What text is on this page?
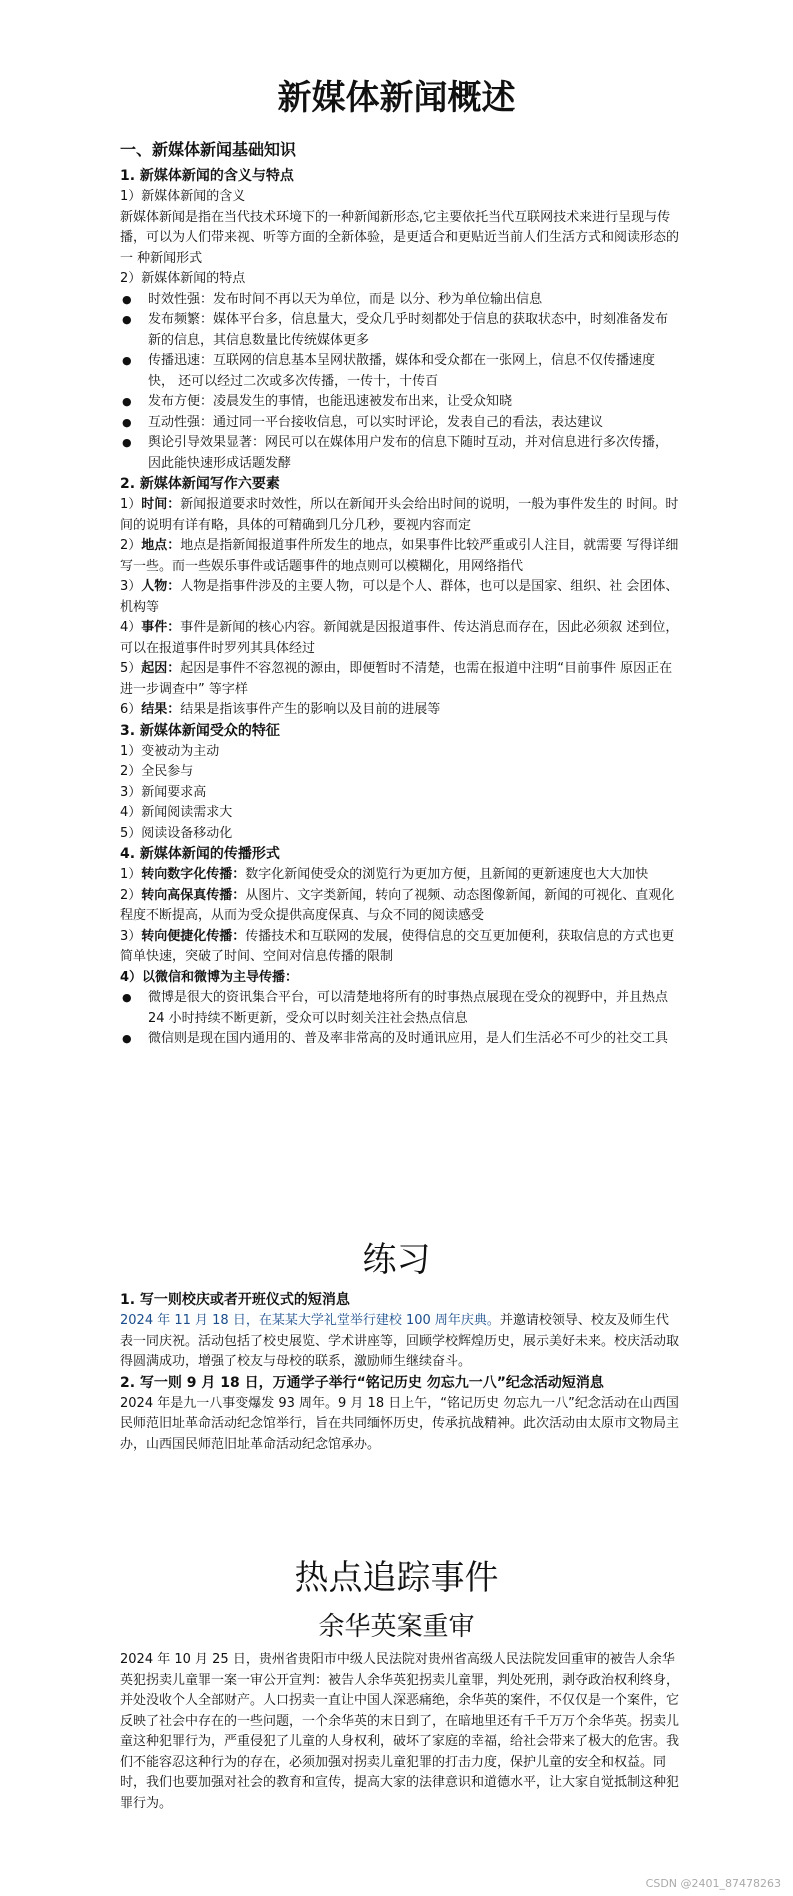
新媒体新闻概述
一、新媒体新闻基础知识
1. 新媒体新闻的含义与特点

1）新媒体新闻的含义

新媒体新闻是指在当代技术环境下的一种新闻新形态,它主要依托当代互联网技术来进行呈现与传播，可以为人们带来视、听等方面的全新体验，是更适合和更贴近当前人们生活方式和阅读形态的一 种新闻形式

2）新媒体新闻的特点

● 时效性强：发布时间不再以天为单位，而是 以分、秒为单位输出信息
● 发布频繁：媒体平台多，信息量大，受众几乎时刻都处于信息的获取状态中，时刻准备发布新的信息，其信息数量比传统媒体更多
● 传播迅速：互联网的信息基本呈网状散播，媒体和受众都在一张网上，信息不仅传播速度快， 还可以经过二次或多次传播，一传十，十传百
● 发布方便：凌晨发生的事情，也能迅速被发布出来，让受众知晓
● 互动性强：通过同一平台接收信息，可以实时评论，发表自己的看法，表达建议
● 舆论引导效果显著：网民可以在媒体用户发布的信息下随时互动，并对信息进行多次传播，因此能快速形成话题发酵
2. 新媒体新闻写作六要素

1）时间：新闻报道要求时效性，所以在新闻开头会给出时间的说明，一般为事件发生的 时间。时间的说明有详有略，具体的可精确到几分几秒，要视内容而定

2）地点：地点是指新闻报道事件所发生的地点，如果事件比较严重或引人注目，就需要 写得详细写一些。而一些娱乐事件或话题事件的地点则可以模糊化，用网络指代

3）人物：人物是指事件涉及的主要人物，可以是个人、群体，也可以是国家、组织、社 会团体、机构等

4）事件：事件是新闻的核心内容。新闻就是因报道事件、传达消息而存在，因此必须叙 述到位，可以在报道事件时罗列其具体经过

5）起因：起因是事件不容忽视的源由，即便暂时不清楚，也需在报道中注明“目前事件 原因正在进一步调查中” 等字样

6）结果：结果是指该事件产生的影响以及目前的进展等

3. 新媒体新闻受众的特征

1）变被动为主动

2）全民参与

3）新闻要求高

4）新闻阅读需求大

5）阅读设备移动化

4. 新媒体新闻的传播形式

1）转向数字化传播：数字化新闻使受众的浏览行为更加方便，且新闻的更新速度也大大加快

2）转向高保真传播：从图片、文字类新闻，转向了视频、动态图像新闻，新闻的可视化、直观化程度不断提高，从而为受众提供高度保真、与众不同的阅读感受

3）转向便捷化传播：传播技术和互联网的发展，使得信息的交互更加便利，获取信息的方式也更简单快速，突破了时间、空间对信息传播的限制

4）以微信和微博为主导传播：

● 微博是很大的资讯集合平台，可以清楚地将所有的时事热点展现在受众的视野中，并且热点 24 小时持续不断更新，受众可以时刻关注社会热点信息
● 微信则是现在国内通用的、普及率非常高的及时通讯应用，是人们生活必不可少的社交工具
练习
1. 写一则校庆或者开班仪式的短消息

2024 年 11 月 18 日，在某某大学礼堂举行建校 100 周年庆典。并邀请校领导、校友及师生代表一同庆祝。活动包括了校史展览、学术讲座等，回顾学校辉煌历史，展示美好未来。校庆活动取得圆满成功，增强了校友与母校的联系，激励师生继续奋斗。

2. 写一则 9 月 18 日，万通学子举行“铭记历史 勿忘九一八”纪念活动短消息

2024 年是九一八事变爆发 93 周年。9 月 18 日上午，“铭记历史 勿忘九一八”纪念活动在山西国民师范旧址革命活动纪念馆举行，旨在共同缅怀历史，传承抗战精神。此次活动由太原市文物局主办，山西国民师范旧址革命活动纪念馆承办。

热点追踪事件
余华英案重审

2024 年 10 月 25 日，贵州省贵阳市中级人民法院对贵州省高级人民法院发回重审的被告人余华英犯拐卖儿童罪一案一审公开宣判：被告人余华英犯拐卖儿童罪，判处死刑，剥夺政治权利终身，并处没收个人全部财产。人口拐卖一直让中国人深恶痛绝，余华英的案件，不仅仅是一个案件，它反映了社会中存在的一些问题，一个余华英的末日到了，在暗地里还有千千万万个余华英。拐卖儿童这种犯罪行为，严重侵犯了儿童的人身权利，破坏了家庭的幸福，给社会带来了极大的危害。我们不能容忍这种行为的存在，必须加强对拐卖儿童犯罪的打击力度，保护儿童的安全和权益。同时，我们也要加强对社会的教育和宣传，提高大家的法律意识和道德水平，让大家自觉抵制这种犯罪行为。

CSDN @2401_87478263
